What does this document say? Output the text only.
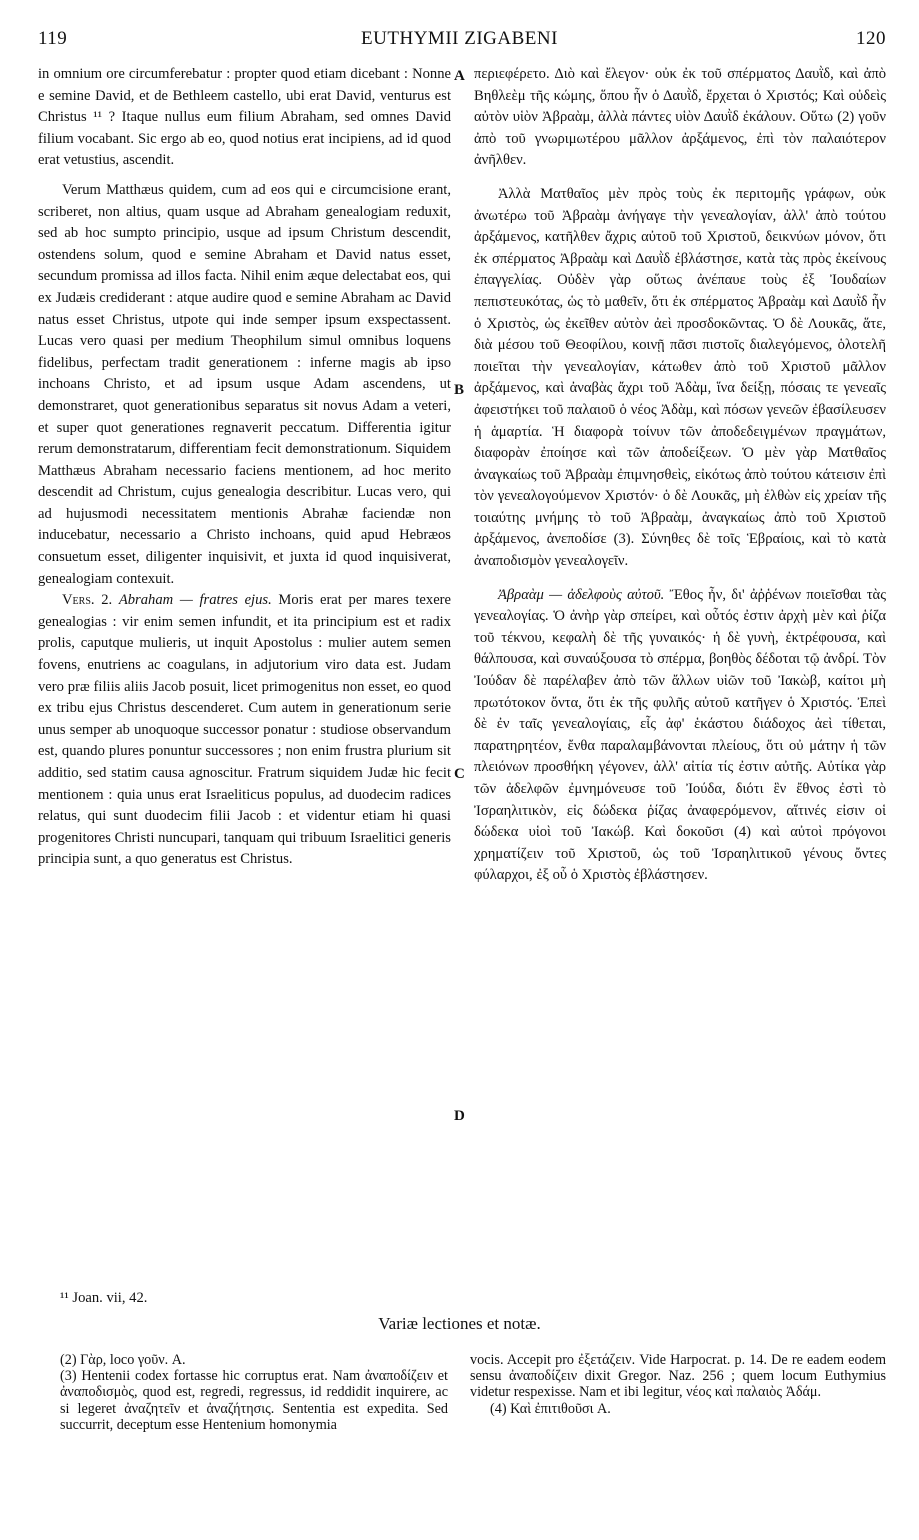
119	EUTHYMII ZIGABENI	120
A
B
C
D

in omnium ore circumferebatur : propter quod etiam dicebant : Nonne e semine David, et de Bethleem castello, ubi erat David, venturus est Christus ¹¹ ? Itaque nullus eum filium Abraham, sed omnes David filium vocabant. Sic ergo ab eo, quod notius erat incipiens, ad id quod erat vetustius, ascendit.

Verum Matthæus quidem, cum ad eos qui e circumcisione erant, scriberet, non altius, quam usque ad Abraham genealogiam reduxit, sed ab hoc sumpto principio, usque ad ipsum Christum descendit, ostendens solum, quod e semine Abraham et David natus esset, secundum promissa ad illos facta. Nihil enim æque delectabat eos, qui ex Judæis crediderant : atque audire quod e semine Abraham ac David natus esset Christus, utpote qui inde semper ipsum exspectassent. Lucas vero quasi per medium Theophilum simul omnibus loquens fidelibus, perfectam tradit generationem : inferne magis ab ipso inchoans Christo, et ad ipsum usque Adam ascendens, ut demonstraret, quot generationibus separatus sit novus Adam a veteri, et super quot generationes regnaverit peccatum. Differentia igitur rerum demonstratarum, differentiam fecit demonstrationum. Siquidem Matthæus Abraham necessario faciens mentionem, ad hoc merito descendit ad Christum, cujus genealogia describitur. Lucas vero, qui ad hujusmodi necessitatem mentionis Abrahæ faciendæ non inducebatur, necessario a Christo inchoans, quid apud Hebræos consuetum esset, diligenter inquisivit, et juxta id quod inquisiverat, genealogiam contexuit.

Vers. 2. Abraham — fratres ejus. Moris erat per mares texere genealogias : vir enim semen infundit, et ita principium est et radix prolis, caputque mulieris, ut inquit Apostolus : mulier autem semen fovens, enutriens ac coagulans, in adjutorium viro data est. Judam vero præ filiis aliis Jacob posuit, licet primogenitus non esset, eo quod ex tribu ejus Christus descenderet. Cum autem in generationum serie unus semper ab unoquoque successor ponatur : studiose observandum est, quando plures ponuntur successores ; non enim frustra plurium sit additio, sed statim causa agnoscitur. Fratrum siquidem Judæ hic fecit mentionem : quia unus erat Israeliticus populus, ad duodecim radices relatus, qui sunt duodecim filii Jacob : et videntur etiam hi quasi progenitores Christi nuncupari, tanquam qui tribuum Israelitici generis principia sunt, a quo generatus est Christus.

περιεφέρετο. Διὸ καὶ ἔλεγον· οὐκ ἐκ τοῦ σπέρματος Δαυῒδ, καὶ ἀπὸ Βηθλεὲμ τῆς κώμης, ὅπου ἦν ὁ Δαυῒδ, ἔρχεται ὁ Χριστός; Καὶ οὐδεὶς αὐτὸν υἱὸν Ἀβραὰμ, ἀλλὰ πάντες υἱὸν Δαυῒδ ἐκάλουν. Οὕτω (2) γοῦν ἀπὸ τοῦ γνωριμωτέρου μᾶλλον ἀρξάμενος, ἐπὶ τὸν παλαιότερον ἀνῆλθεν.

Ἀλλὰ Ματθαῖος μὲν πρὸς τοὺς ἐκ περιτομῆς γράφων, οὐκ ἀνωτέρω τοῦ Ἀβραὰμ ἀνήγαγε τὴν γενεαλογίαν, ἀλλ' ἀπὸ τούτου ἀρξάμενος, κατῆλθεν ἄχρις αὐτοῦ τοῦ Χριστοῦ, δεικνύων μόνον, ὅτι ἐκ σπέρματος Ἀβραὰμ καὶ Δαυῒδ ἐβλάστησε, κατὰ τὰς πρὸς ἐκείνους ἐπαγγελίας. Οὐδὲν γὰρ οὕτως ἀνέπαυε τοὺς ἐξ Ἰουδαίων πεπιστευκότας, ὡς τὸ μαθεῖν, ὅτι ἐκ σπέρματος Ἀβραὰμ καὶ Δαυῒδ ἦν ὁ Χριστὸς, ὡς ἐκεῖθεν αὐτὸν ἀεὶ προσδοκῶντας. Ὁ δὲ Λουκᾶς, ἅτε, διὰ μέσου τοῦ Θεοφίλου, κοινῇ πᾶσι πιστοῖς διαλεγόμενος, ὁλοτελῆ ποιεῖται τὴν γενεαλογίαν, κάτωθεν ἀπὸ τοῦ Χριστοῦ μᾶλλον ἀρξάμενος, καὶ ἀναβὰς ἄχρι τοῦ Ἀδὰμ, ἵνα δείξῃ, πόσαις τε γενεαῖς ἀφειστήκει τοῦ παλαιοῦ ὁ νέος Ἀδὰμ, καὶ πόσων γενεῶν ἐβασίλευσεν ἡ ἁμαρτία. Ἡ διαφορὰ τοίνυν τῶν ἀποδεδειγμένων πραγμάτων, διαφορὰν ἐποίησε καὶ τῶν ἀποδείξεων. Ὁ μὲν γὰρ Ματθαῖος ἀναγκαίως τοῦ Ἀβραὰμ ἐπιμνησθεὶς, εἰκότως ἀπὸ τούτου κάτεισιν ἐπὶ τὸν γενεαλογούμενον Χριστόν· ὁ δὲ Λουκᾶς, μὴ ἐλθὼν εἰς χρείαν τῆς τοιαύτης μνήμης τὸ τοῦ Ἀβραὰμ, ἀναγκαίως ἀπὸ τοῦ Χριστοῦ ἀρξάμενος, ἀνεποδίσε (3). Σύνηθες δὲ τοῖς Ἑβραίοις, καὶ τὸ κατὰ ἀναποδισμὸν γενεαλογεῖν.

Ἀβραὰμ — ἀδελφοὺς αὐτοῦ. Ἔθος ἦν, δι' ἀῤῥένων ποιεῖσθαι τὰς γενεαλογίας. Ὁ ἀνὴρ γὰρ σπείρει, καὶ οὗτός ἐστιν ἀρχὴ μὲν καὶ ῥίζα τοῦ τέκνου, κεφαλὴ δὲ τῆς γυναικός· ἡ δὲ γυνὴ, ἐκτρέφουσα, καὶ θάλπουσα, καὶ συναύξουσα τὸ σπέρμα, βοηθὸς δέδοται τῷ ἀνδρί. Τὸν Ἰούδαν δὲ παρέλαβεν ἀπὸ τῶν ἄλλων υἱῶν τοῦ Ἰακὼβ, καίτοι μὴ πρωτότοκον ὄντα, ὅτι ἐκ τῆς φυλῆς αὐτοῦ κατῆγεν ὁ Χριστός. Ἐπεὶ δὲ ἐν ταῖς γενεαλογίαις, εἷς ἀφ' ἑκάστου διάδοχος ἀεὶ τίθεται, παρατηρητέον, ἔνθα παραλαμβάνονται πλείους, ὅτι οὐ μάτην ἡ τῶν πλειόνων προσθήκη γέγονεν, ἀλλ' αἰτία τίς ἐστιν αὐτῆς. Αὐτίκα γὰρ τῶν ἀδελφῶν ἐμνημόνευσε τοῦ Ἰούδα, διότι ἓν ἔθνος ἐστὶ τὸ Ἰσραηλιτικὸν, εἰς δώδεκα ῥίζας ἀναφερόμενον, αἵτινές εἰσιν οἱ δώδεκα υἱοὶ τοῦ Ἰακώβ. Καὶ δοκοῦσι (4) καὶ αὐτοὶ πρόγονοι χρηματίζειν τοῦ Χριστοῦ, ὡς τοῦ Ἰσραηλιτικοῦ γένους ὄντες φύλαρχοι, ἐξ οὗ ὁ Χριστὸς ἐβλάστησεν.

¹¹ Joan. vii, 42.
Variæ lectiones et notæ.

(2) Γὰρ, loco γοῦν. A.

(3) Hentenii codex fortasse hic corruptus erat. Nam ἀναποδίζειν et ἀναποδισμὸς, quod est, regredi, regressus, id reddidit inquirere, ac si legeret ἀναζητεῖν et ἀναζήτησις. Sententia est expedita. Sed succurrit, deceptum esse Hentenium homonymia

vocis. Accepit pro ἐξετάζειν. Vide Harpocrat. p. 14. De re eadem eodem sensu ἀναποδίζειν dixit Gregor. Naz. 256 ; quem locum Euthymius videtur respexisse. Nam et ibi legitur, νέος καὶ παλαιὸς Ἀδάμ.

(4) Καὶ ἐπιτιθοῦσι A.
